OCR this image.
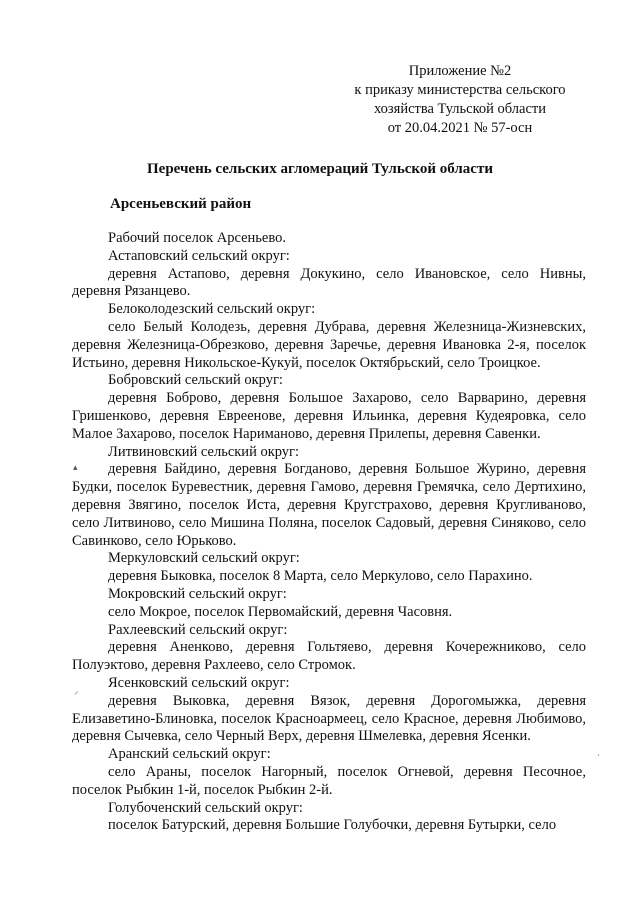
Приложение №2
к приказу министерства сельского
хозяйства Тульской области
от 20.04.2021 № 57-осн
Перечень сельских агломераций Тульской области
Арсеньевский район

Рабочий поселок Арсеньево.

Астаповский сельский округ:

деревня Астапово, деревня Докукино, село Ивановское, село Нивны, деревня Рязанцево.

Белоколодезский сельский округ:

село Белый Колодезь, деревня Дубрава, деревня Железница-Жизневских, деревня Железница-Обрезково, деревня Заречье, деревня Ивановка 2-я, поселок Истьино, деревня Никольское-Кукуй, поселок Октябрьский, село Троицкое.

Бобровский сельский округ:

деревня Боброво, деревня Большое Захарово, село Варварино, деревня Гришенково, деревня Евреенове, деревня Ильинка, деревня Кудеяровка, село Малое Захарово, поселок Нариманово, деревня Прилепы, деревня Савенки.

Литвиновский сельский округ:

деревня Байдино, деревня Богданово, деревня Большое Журино, деревня Будки, поселок Буревестник, деревня Гамово, деревня Гремячка, село Дертихино, деревня Звягино, поселок Иста, деревня Кругстрахово, деревня Кругливаново, село Литвиново, село Мишина Поляна, поселок Садовый, деревня Синяково, село Савинково, село Юрьково.

Меркуловский сельский округ:

деревня Быковка, поселок 8 Марта, село Меркулово, село Парахино.

Мокровский сельский округ:

село Мокрое, поселок Первомайский, деревня Часовня.

Рахлеевский сельский округ:

деревня Аненково, деревня Гольтяево, деревня Кочережниково, село Полуэктово, деревня Рахлеево, село Стромок.

Ясенковский сельский округ:

деревня Выковка, деревня Вязок, деревня Дорогомыжка, деревня Елизаветино-Блиновка, поселок Красноармеец, село Красное, деревня Любимово, деревня Сычевка, село Черный Верх, деревня Шмелевка, деревня Ясенки.

Аранский сельский округ:

село Араны, поселок Нагорный, поселок Огневой, деревня Песочное, поселок Рыбкин 1-й, поселок Рыбкин 2-й.

Голубоченский сельский округ:

поселок Батурский, деревня Большие Голубочки, деревня Бутырки, село

▴
⸝
·
